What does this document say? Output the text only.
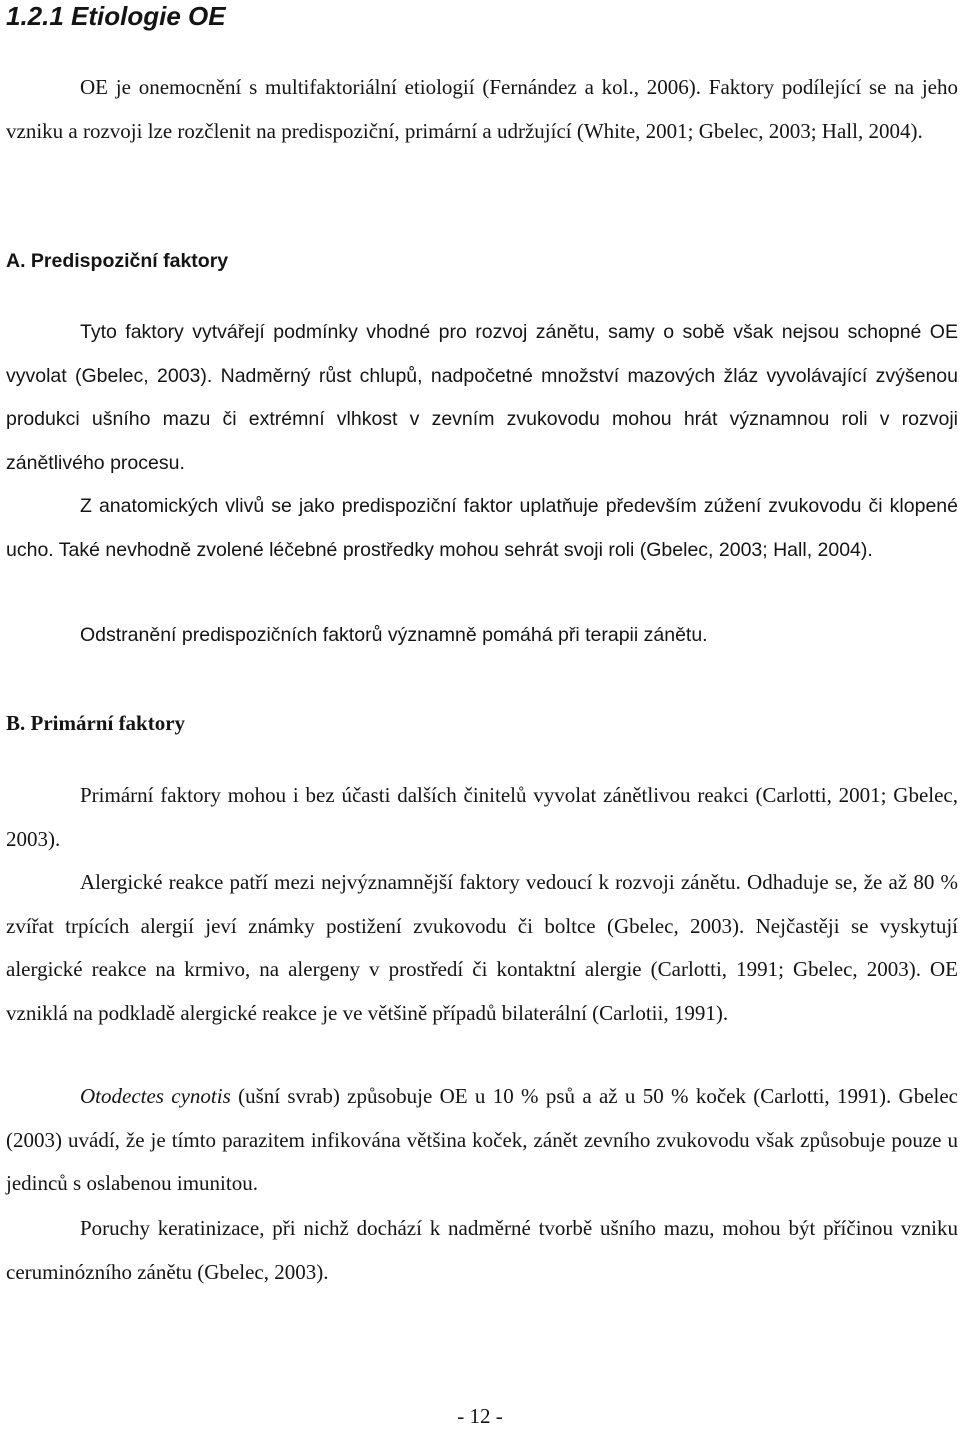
1.2.1 Etiologie OE

OE je onemocnění s multifaktoriální etiologií (Fernández a kol., 2006). Faktory podílející se na jeho vzniku a rozvoji lze rozčlenit na predispoziční, primární a udržující (White, 2001; Gbelec, 2003; Hall, 2004).

A. Predispoziční faktory

Tyto faktory vytvářejí podmínky vhodné pro rozvoj zánětu, samy o sobě však nejsou schopné OE vyvolat (Gbelec, 2003). Nadměrný růst chlupů, nadpočetné množství mazových žláz vyvolávající zvýšenou produkci ušního mazu či extrémní vlhkost v zevním zvukovodu mohou hrát významnou roli v rozvoji zánětlivého procesu.

Z anatomických vlivů se jako predispoziční faktor uplatňuje především zúžení zvukovodu či klopené ucho. Také nevhodně zvolené léčebné prostředky mohou sehrát svoji roli (Gbelec, 2003; Hall, 2004).

Odstranění predispozičních faktorů významně pomáhá při terapii zánětu.

B. Primární faktory

Primární faktory mohou i bez účasti dalších činitelů vyvolat zánětlivou reakci (Carlotti, 2001; Gbelec, 2003).

Alergické reakce patří mezi nejvýznamnější faktory vedoucí k rozvoji zánětu. Odhaduje se, že až 80 % zvířat trpících alergií jeví známky postižení zvukovodu či boltce (Gbelec, 2003). Nejčastěji se vyskytují alergické reakce na krmivo, na alergeny v prostředí či kontaktní alergie (Carlotti, 1991; Gbelec, 2003). OE vzniklá na podkladě alergické reakce je ve většině případů bilaterální (Carlotii, 1991).

Otodectes cynotis (ušní svrab) způsobuje OE u 10 % psů a až u 50 % koček (Carlotti, 1991). Gbelec (2003) uvádí, že je tímto parazitem infikována většina koček, zánět zevního zvukovodu však způsobuje pouze u jedinců s oslabenou imunitou.

Poruchy keratinizace, při nichž dochází k nadměrné tvorbě ušního mazu, mohou být příčinou vzniku ceruminózního zánětu (Gbelec, 2003).

- 12 -
